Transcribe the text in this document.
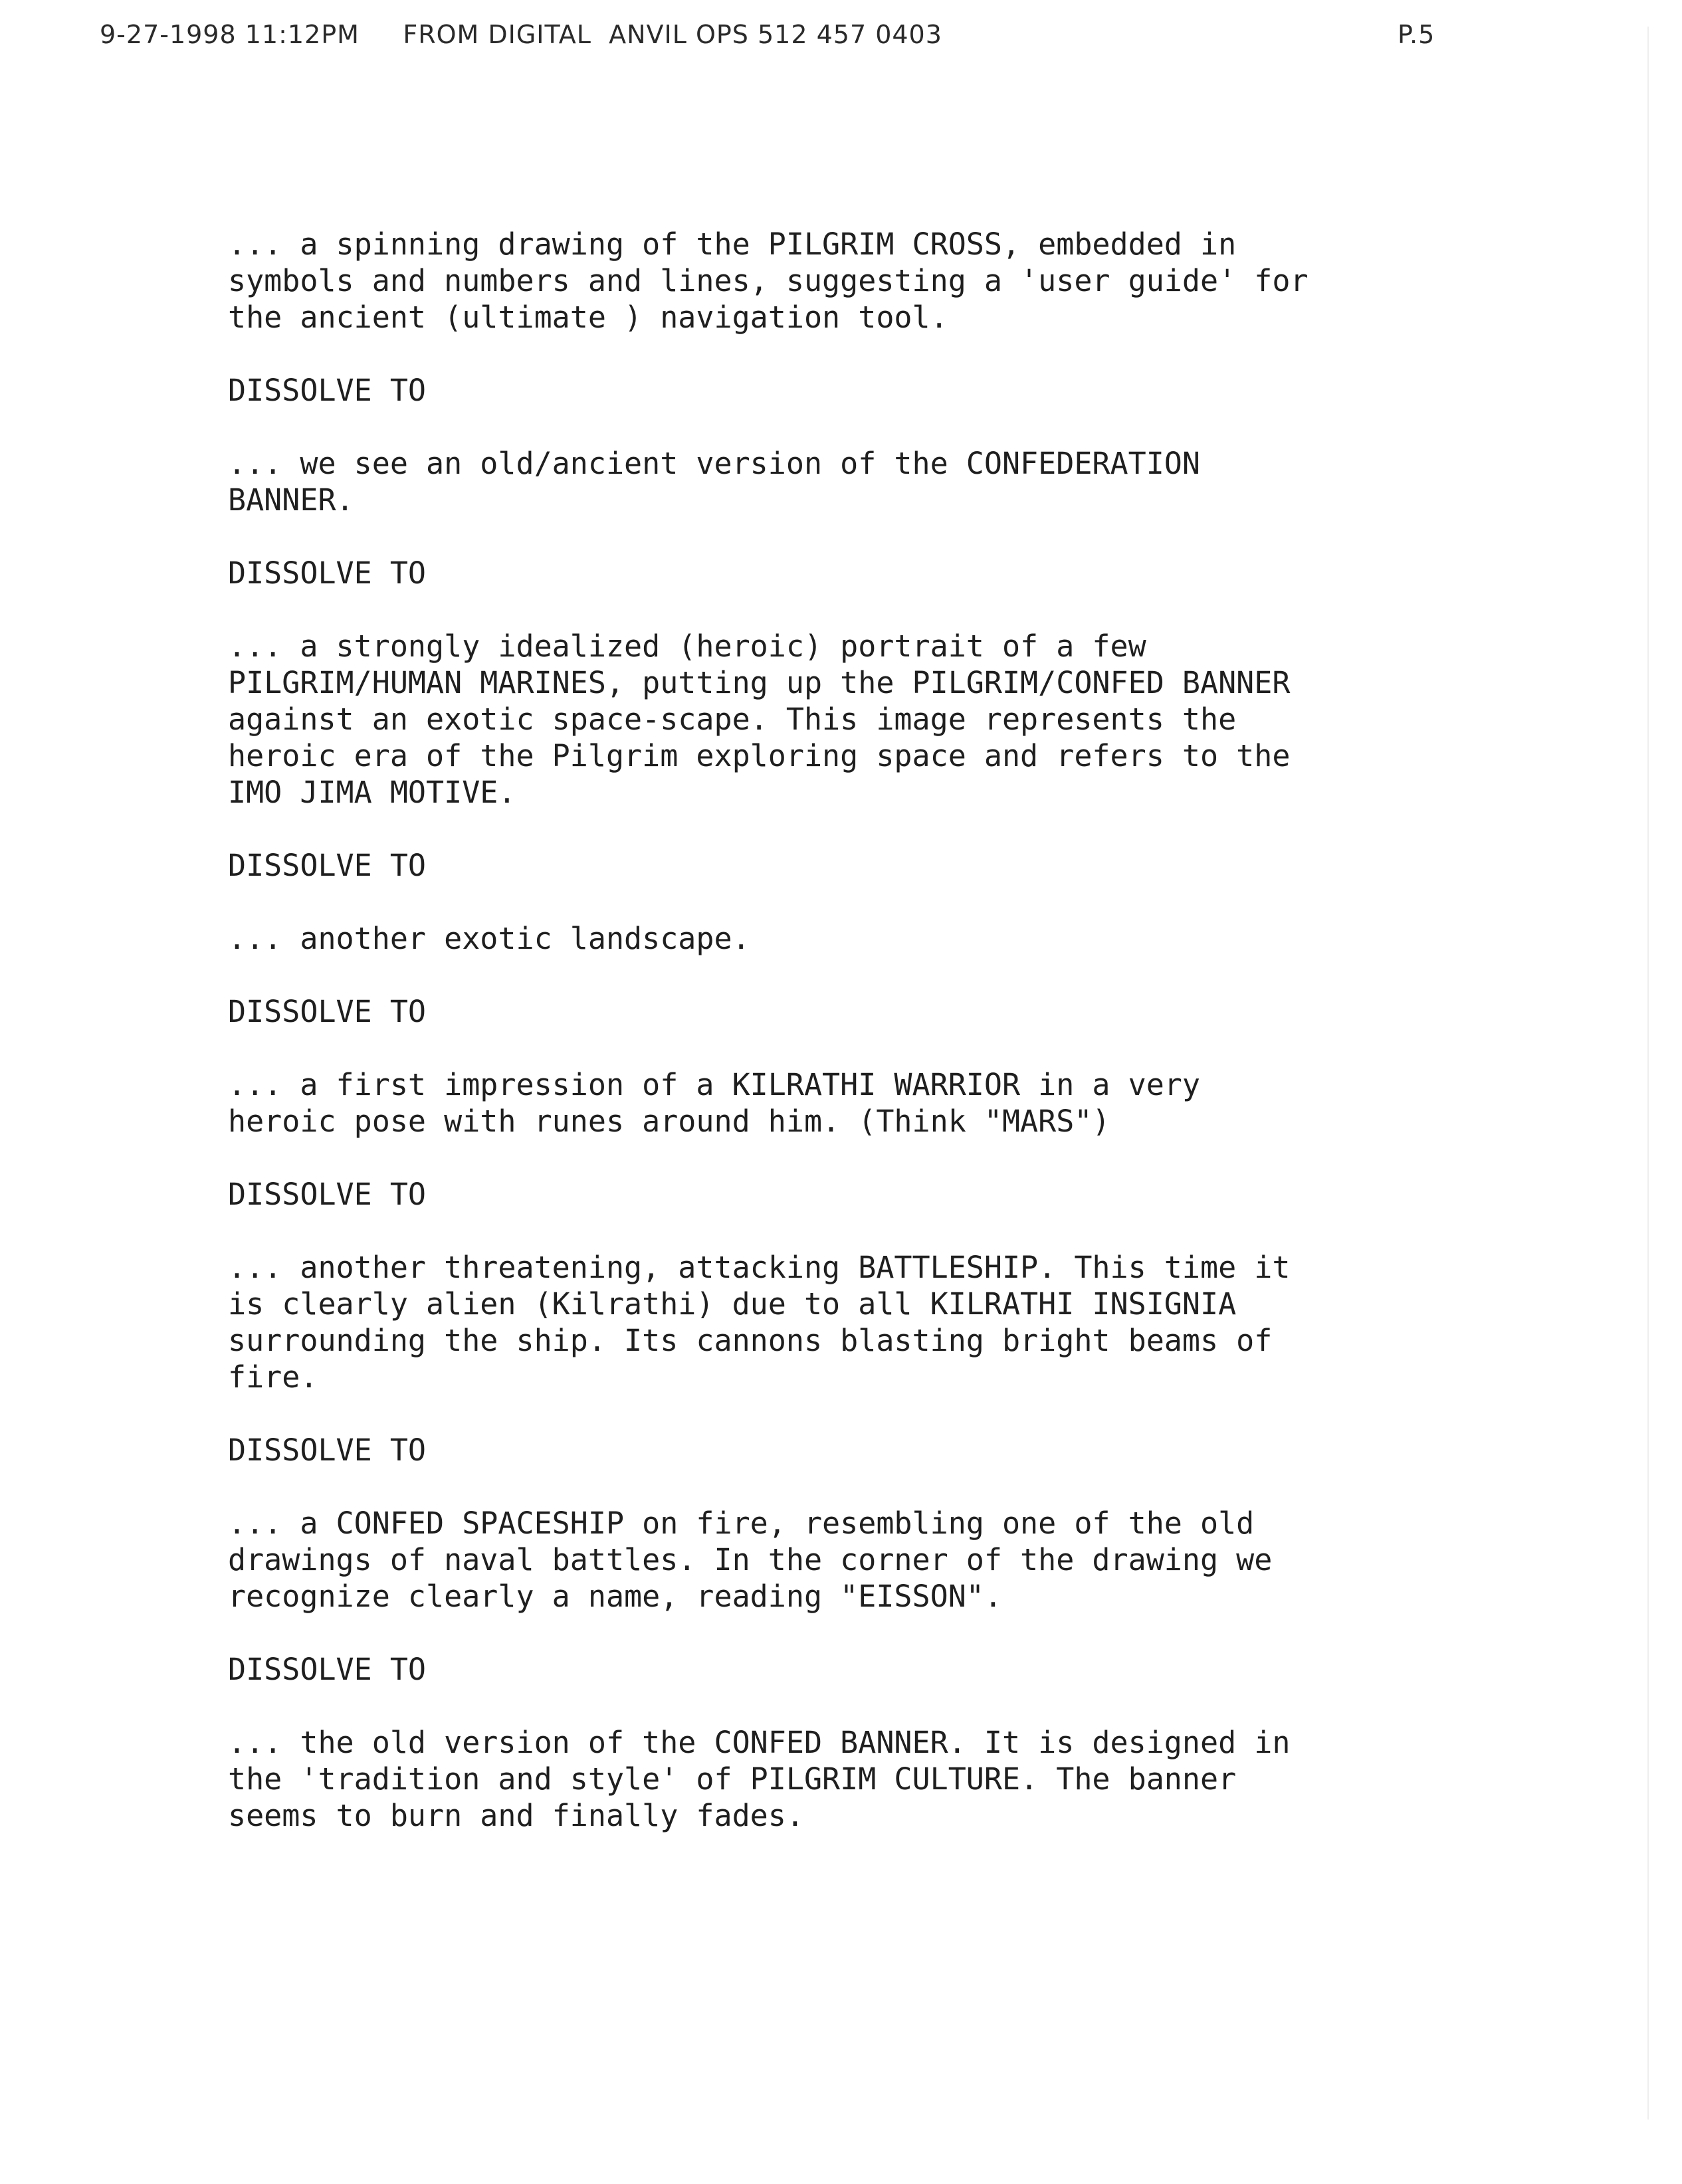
9-27-1998 11:12PM     FROM DIGITAL  ANVIL OPS 512 457 0403

	P.5

... a spinning drawing of the PILGRIM CROSS, embedded in
symbols and numbers and lines, suggesting a 'user guide' for
the ancient (ultimate ) navigation tool.
DISSOLVE TO
... we see an old/ancient version of the CONFEDERATION
BANNER.
DISSOLVE TO
... a strongly idealized (heroic) portrait of a few
PILGRIM/HUMAN MARINES, putting up the PILGRIM/CONFED BANNER
against an exotic space-scape. This image represents the
heroic era of the Pilgrim exploring space and refers to the
IMO JIMA MOTIVE.
DISSOLVE TO
... another exotic landscape.
DISSOLVE TO
... a first impression of a KILRATHI WARRIOR in a very
heroic pose with runes around him. (Think "MARS")
DISSOLVE TO
... another threatening, attacking BATTLESHIP. This time it
is clearly alien (Kilrathi) due to all KILRATHI INSIGNIA
surrounding the ship. Its cannons blasting bright beams of
fire.
DISSOLVE TO
... a CONFED SPACESHIP on fire, resembling one of the old
drawings of naval battles. In the corner of the drawing we
recognize clearly a name, reading "EISSON".
DISSOLVE TO
... the old version of the CONFED BANNER. It is designed in
the 'tradition and style' of PILGRIM CULTURE. The banner
seems to burn and finally fades.
